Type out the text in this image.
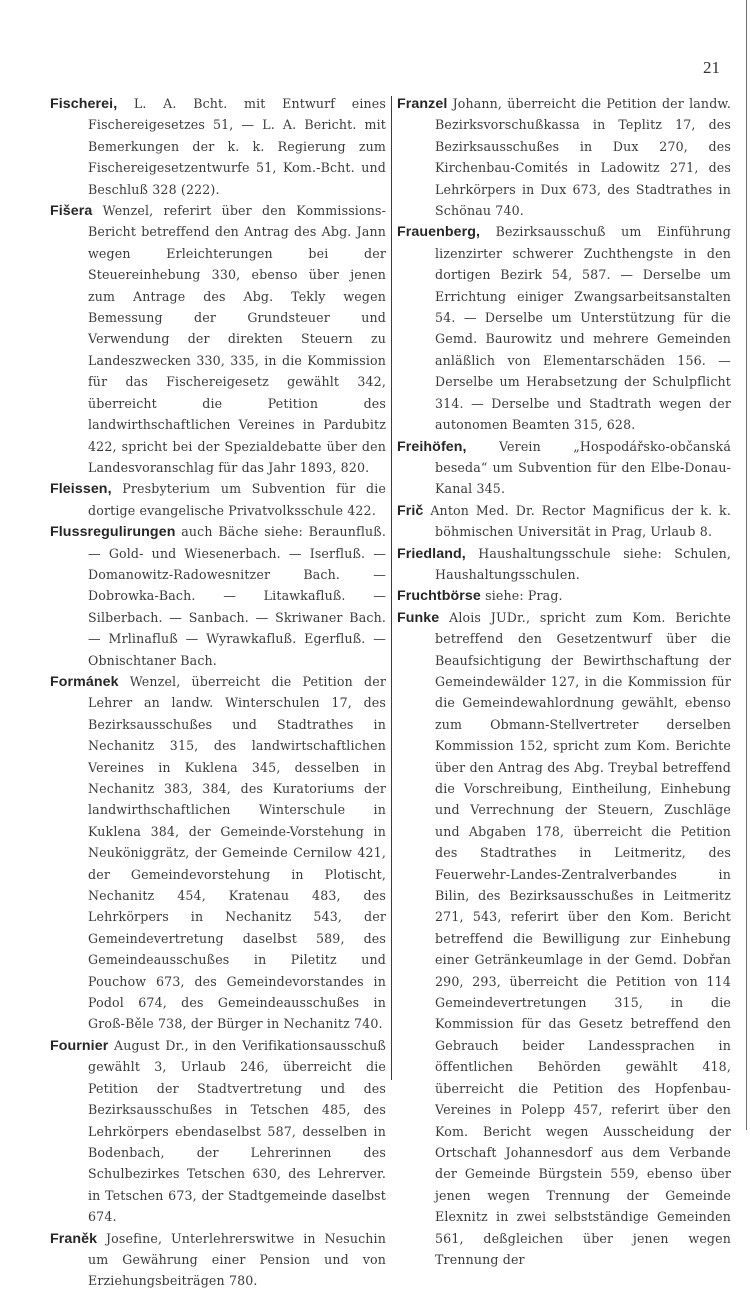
21

Fischerei, L. A. Bcht. mit Entwurf eines Fischereigesetzes 51, — L. A. Bericht. mit Bemerkungen der k. k. Regierung zum Fischereigesetzentwurfe 51, Kom.-Bcht. und Beschluß 328 (222).

Fišera Wenzel, referirt über den Kommissions-Bericht betreffend den Antrag des Abg. Jann wegen Erleichterungen bei der Steuereinhebung 330, ebenso über jenen zum Antrage des Abg. Tekly wegen Bemessung der Grundsteuer und Verwendung der direkten Steuern zu Landeszwecken 330, 335, in die Kommission für das Fischereigesetz gewählt 342, überreicht die Petition des landwirthschaftlichen Vereines in Pardubitz 422, spricht bei der Spezialdebatte über den Landesvoranschlag für das Jahr 1893, 820.

Fleissen, Presbyterium um Subvention für die dortige evangelische Privatvolksschule 422.

Flussregulirungen auch Bäche siehe: Beraunfluß. — Gold- und Wiesenerbach. — Iserfluß. — Domanowitz-Radowesnitzer Bach. — Dobrowka-Bach. — Litawkafluß. — Silberbach. — Sanbach. — Skriwaner Bach. — Mrlinafluß — Wyrawkafluß. Egerfluß. — Obnischtaner Bach.

Formánek Wenzel, überreicht die Petition der Lehrer an landw. Winterschulen 17, des Bezirksausschußes und Stadtrathes in Nechanitz 315, des landwirtschaftlichen Vereines in Kuklena 345, desselben in Nechanitz 383, 384, des Kuratoriums der landwirthschaftlichen Winterschule in Kuklena 384, der Gemeinde-Vorstehung in Neuköniggrätz, der Gemeinde Cernilow 421, der Gemeindevorstehung in Plotischt, Nechanitz 454, Kratenau 483, des Lehrkörpers in Nechanitz 543, der Gemeindevertretung daselbst 589, des Gemeindeausschußes in Piletitz und Pouchow 673, des Gemeindevorstandes in Podol 674, des Gemeindeausschußes in Groß-Běle 738, der Bürger in Nechanitz 740.

Fournier August Dr., in den Verifikationsausschuß gewählt 3, Urlaub 246, überreicht die Petition der Stadtvertretung und des Bezirksausschußes in Tetschen 485, des Lehrkörpers ebendaselbst 587, desselben in Bodenbach, der Lehrerinnen des Schulbezirkes Tetschen 630, des Lehrerver. in Tetschen 673, der Stadtgemeinde daselbst 674.

Franěk Josefine, Unterlehrerswitwe in Nesuchin um Gewährung einer Pension und von Erziehungsbeiträgen 780.

Franzel Johann, überreicht die Petition der landw. Bezirksvorschußkassa in Teplitz 17, des Bezirksausschußes in Dux 270, des Kirchenbau-Comités in Ladowitz 271, des Lehrkörpers in Dux 673, des Stadtrathes in Schönau 740.

Frauenberg, Bezirksausschuß um Einführung lizenzirter schwerer Zuchthengste in den dortigen Bezirk 54, 587. — Derselbe um Errichtung einiger Zwangsarbeitsanstalten 54. — Derselbe um Unterstützung für die Gemd. Baurowitz und mehrere Gemeinden anläßlich von Elementarschäden 156. — Derselbe um Herabsetzung der Schulpflicht 314. — Derselbe und Stadtrath wegen der autonomen Beamten 315, 628.

Freihöfen,	Verein „Hospodářsko-občanská beseda“ um Subvention für den Elbe-Donau-Kanal 345.

Frič Anton Med. Dr. Rector Magnificus der k. k. böhmischen Universität in Prag, Urlaub 8.

Friedland, Haushaltungsschule siehe: Schulen, Haushaltungsschulen.

Fruchtbörse siehe: Prag.

Funke Alois JUDr., spricht zum Kom. Berichte betreffend den Gesetzentwurf über die Beaufsichtigung der Bewirthschaftung der Gemeindewälder 127, in die Kommission für die Gemeindewahlordnung gewählt, ebenso zum Obmann-Stellvertreter derselben Kommission 152, spricht zum Kom. Berichte über den Antrag des Abg. Treybal betreffend die Vorschreibung, Eintheilung, Einhebung und Verrechnung der Steuern, Zuschläge und Abgaben 178, überreicht die Petition des Stadtrathes in Leitmeritz, des Feuerwehr-Landes-Zentralverbandes in Bilin, des Bezirksausschußes in Leitmeritz 271, 543, referirt über den Kom. Bericht betreffend die Bewilligung zur Einhebung einer Getränkeumlage in der Gemd. Dobřan 290, 293, überreicht die Petition von 114 Gemeindevertretungen 315, in die Kommission für das Gesetz betreffend den Gebrauch beider Landessprachen in öffentlichen Behörden gewählt 418, überreicht die Petition des Hopfenbau-Vereines in Polepp 457, referirt über den Kom. Bericht wegen Ausscheidung der Ortschaft Johannesdorf aus dem Verbande der Gemeinde Bürgstein 559, ebenso über jenen wegen Trennung der Gemeinde Elexnitz in zwei selbstständige Gemeinden 561, deßgleichen über jenen wegen Trennung der
